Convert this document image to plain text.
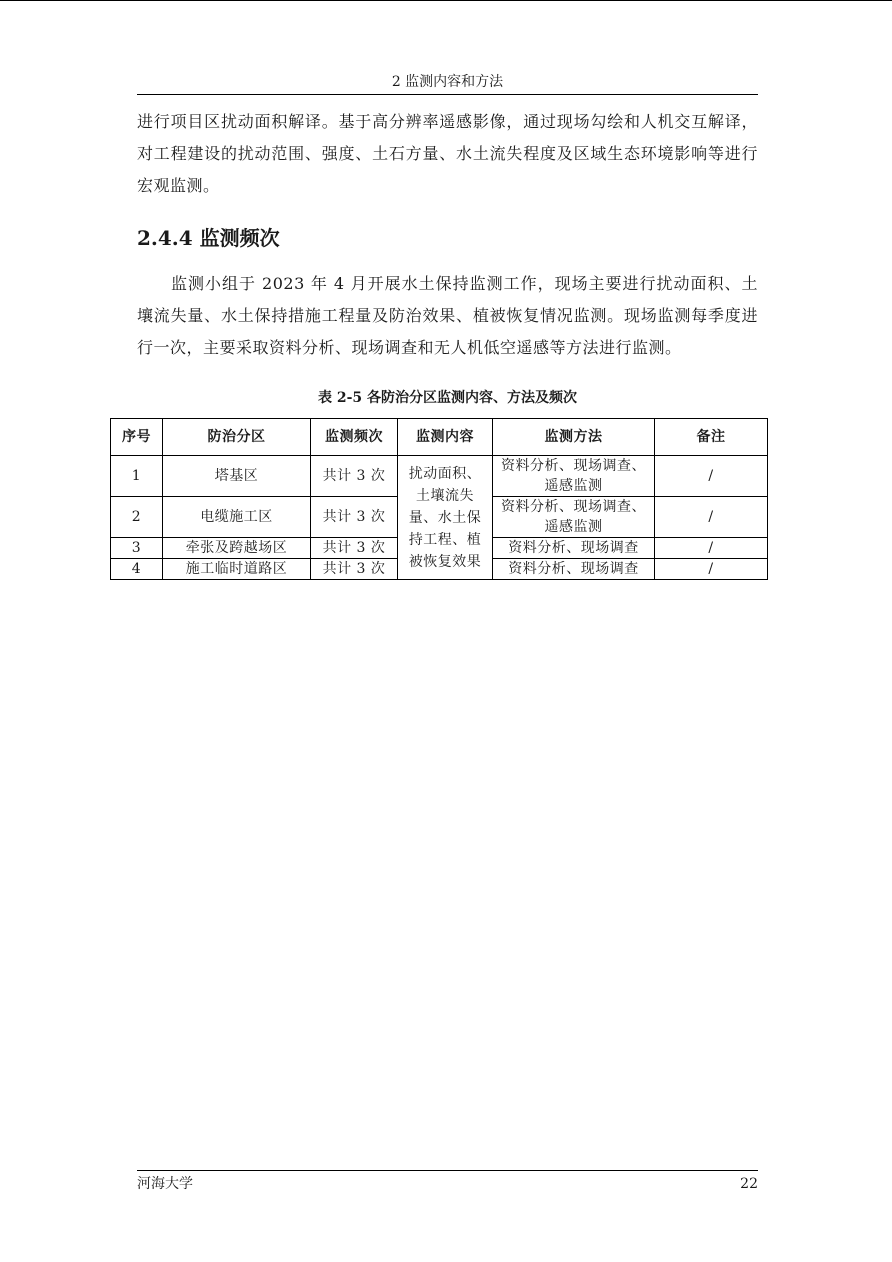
2 监测内容和方法
进行项目区扰动面积解译。基于高分辨率遥感影像，通过现场勾绘和人机交互解译，对工程建设的扰动范围、强度、土石方量、水土流失程度及区域生态环境影响等进行宏观监测。
2.4.4 监测频次
监测小组于 2023 年 4 月开展水土保持监测工作，现场主要进行扰动面积、土壤流失量、水土保持措施工程量及防治效果、植被恢复情况监测。现场监测每季度进行一次，主要采取资料分析、现场调查和无人机低空遥感等方法进行监测。
表 2-5 各防治分区监测内容、方法及频次
序号	防治分区	监测频次	监测内容	监测方法	备注
1	塔基区	共计 3 次	扰动面积、土壤流失量、水土保持工程、植被恢复效果	资料分析、现场调查、遥感监测	/
2	电缆施工区	共计 3 次		资料分析、现场调查、遥感监测	/
3	牵张及跨越场区	共计 3 次		资料分析、现场调查	/
4	施工临时道路区	共计 3 次		资料分析、现场调查	/
河海大学	22
